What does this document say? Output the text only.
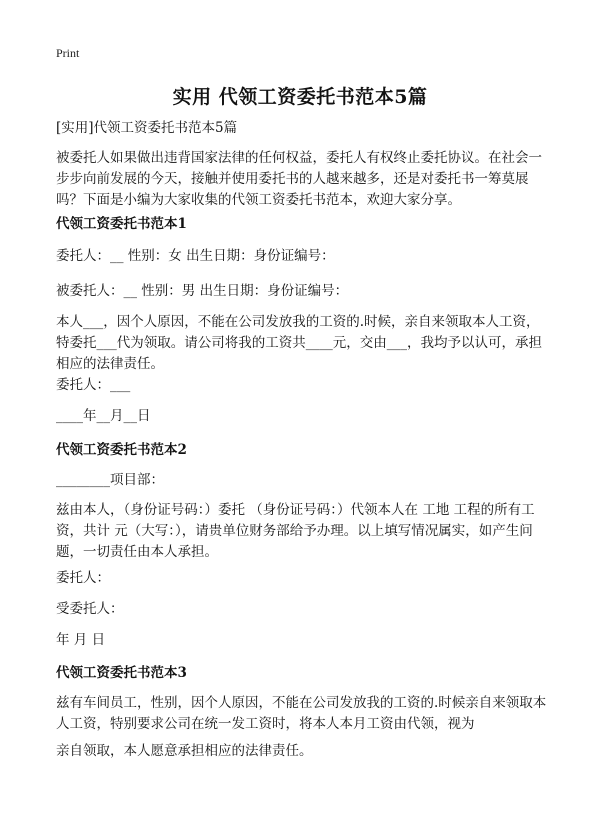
Print
实用 代领工资委托书范本5篇
[实用]代领工资委托书范本5篇
被委托人如果做出违背国家法律的任何权益，委托人有权终止委托协议。在社会一步步向前发展的今天，接触并使用委托书的人越来越多，还是对委托书一筹莫展吗？下面是小编为大家收集的代领工资委托书范本，欢迎大家分享。
代领工资委托书范本1
委托人：__ 性别：女 出生日期：身份证编号：
被委托人：__ 性别：男 出生日期：身份证编号：
本人___，因个人原因，不能在公司发放我的工资的.时候，亲自来领取本人工资，特委托___代为领取。请公司将我的工资共____元，交由___，我均予以认可，承担相应的法律责任。
委托人：___
____年__月__日
代领工资委托书范本2
________项目部：
兹由本人，（身份证号码：）委托 （身份证号码：）代领本人在 工地 工程的所有工资，共计 元（大写：），请贵单位财务部给予办理。以上填写情况属实，如产生问题，一切责任由本人承担。
委托人：
受委托人：
年 月 日
代领工资委托书范本3
兹有车间员工，性别，因个人原因，不能在公司发放我的工资的.时候亲自来领取本人工资，特别要求公司在统一发工资时，将本人本月工资由代领，视为
亲自领取，本人愿意承担相应的法律责任。
